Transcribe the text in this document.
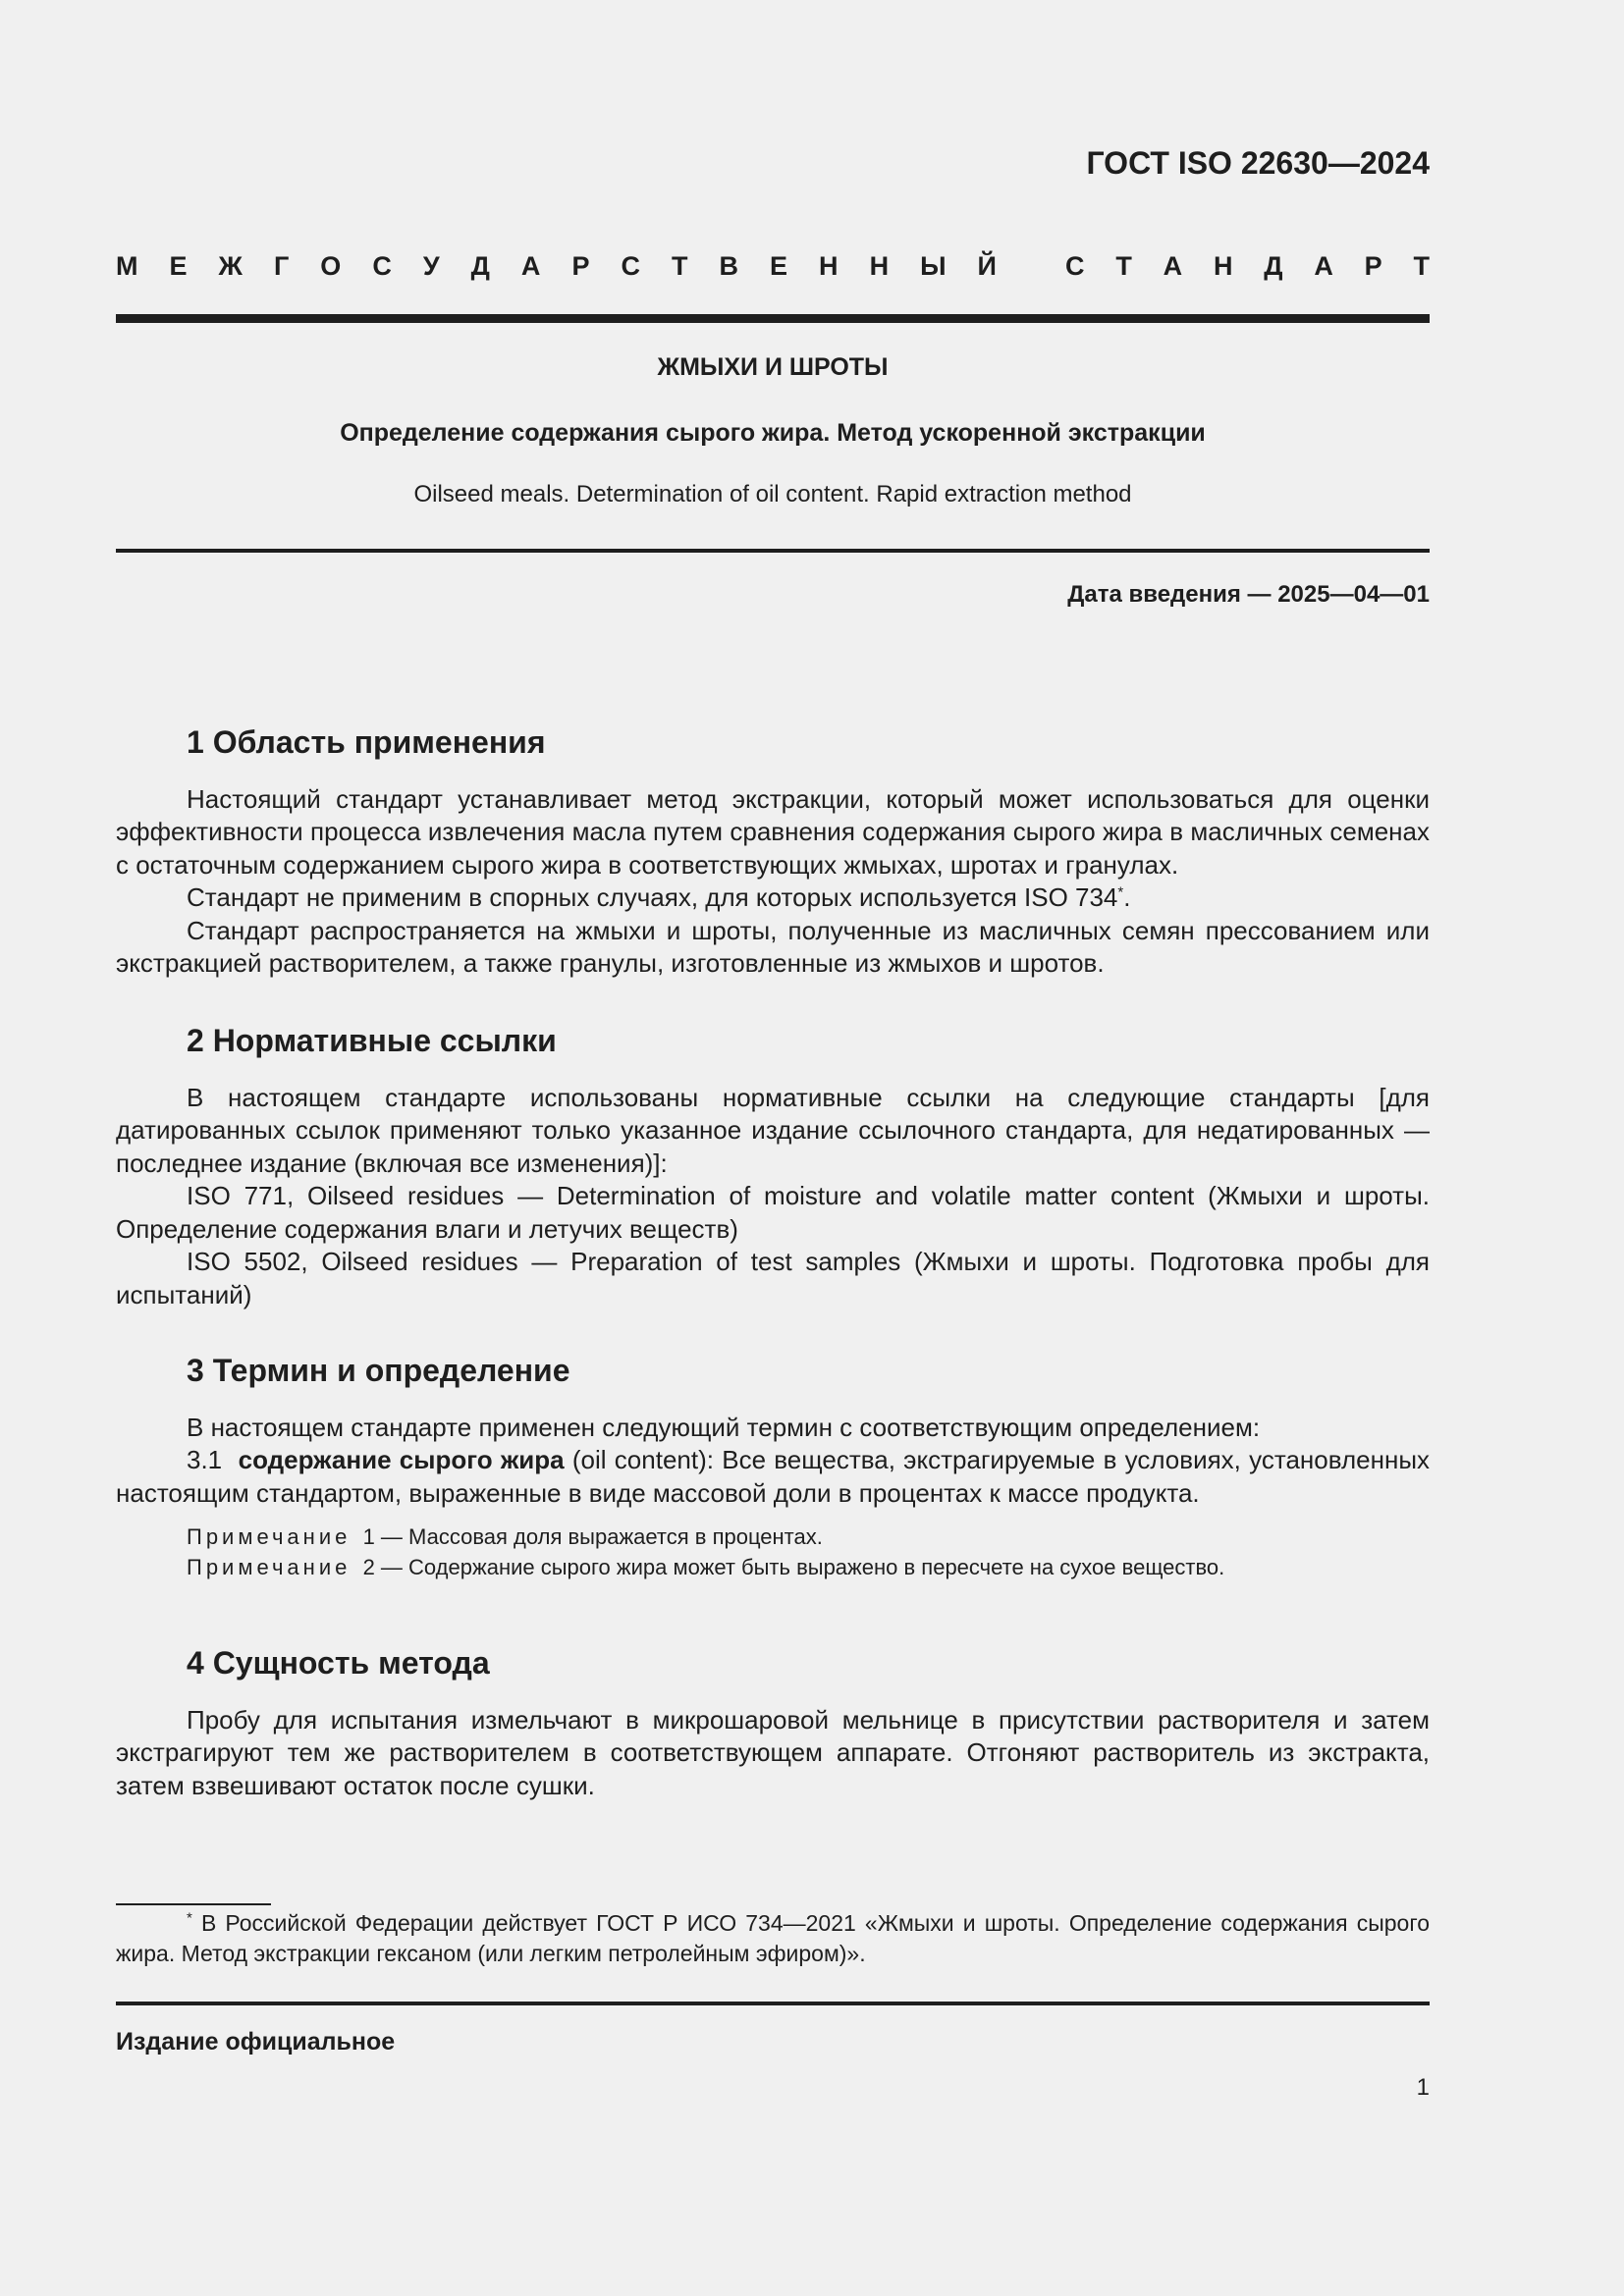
ГОСТ ISO 22630—2024
М Е Ж Г О С У Д А Р С Т В Е Н Н Ы Й	С Т А Н Д А Р Т
ЖМЫХИ И ШРОТЫ
Определение содержания сырого жира. Метод ускоренной экстракции
Oilseed meals. Determination of oil content. Rapid extraction method
Дата введения — 2025—04—01
1 Область применения

Настоящий стандарт устанавливает метод экстракции, который может использоваться для оценки эффективности процесса извлечения масла путем сравнения содержания сырого жира в масличных семенах с остаточным содержанием сырого жира в соответствующих жмыхах, шротах и гранулах.

Стандарт не применим в спорных случаях, для которых используется ISO 734*.

Стандарт распространяется на жмыхи и шроты, полученные из масличных семян прессованием или экстракцией растворителем, а также гранулы, изготовленные из жмыхов и шротов.

2 Нормативные ссылки

В настоящем стандарте использованы нормативные ссылки на следующие стандарты [для датированных ссылок применяют только указанное издание ссылочного стандарта, для недатированных — последнее издание (включая все изменения)]:

ISO 771, Oilseed residues — Determination of moisture and volatile matter content (Жмыхи и шроты. Определение содержания влаги и летучих веществ)

ISO 5502, Oilseed residues — Preparation of test samples (Жмыхи и шроты. Подготовка пробы для испытаний)

3 Термин и определение

В настоящем стандарте применен следующий термин с соответствующим определением:

3.1 содержание сырого жира (oil content): Все вещества, экстрагируемые в условиях, установленных настоящим стандартом, выраженные в виде массовой доли в процентах к массе продукта.

Примечание 1 — Массовая доля выражается в процентах.

Примечание 2 — Содержание сырого жира может быть выражено в пересчете на сухое вещество.

4 Сущность метода

Пробу для испытания измельчают в микрошаровой мельнице в присутствии растворителя и затем экстрагируют тем же растворителем в соответствующем аппарате. Отгоняют растворитель из экстракта, затем взвешивают остаток после сушки.

* В Российской Федерации действует ГОСТ Р ИСО 734—2021 «Жмыхи и шроты. Определение содержания сырого жира. Метод экстракции гексаном (или легким петролейным эфиром)».

Издание официальное
1
